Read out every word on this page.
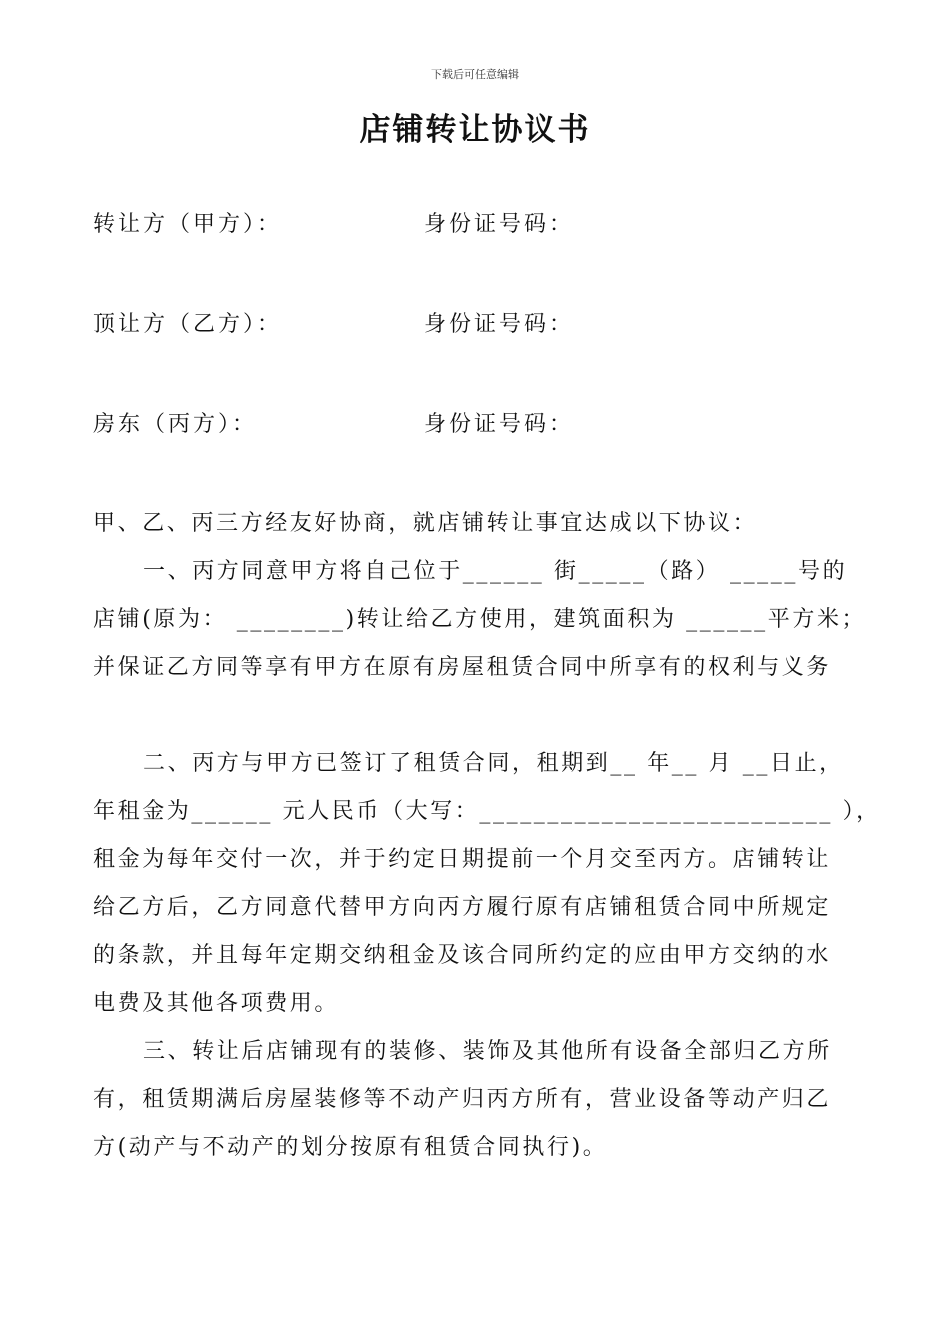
下载后可任意编辑
店铺转让协议书
转让方（甲方）：	身份证号码：
顶让方（乙方）：	身份证号码：
房东（丙方）：	身份证号码：

甲、乙、丙三方经友好协商，就店铺转让事宜达成以下协议：

一、丙方同意甲方将自己位于______ 街_____（路） _____号的

店铺(原为： ________)转让给乙方使用，建筑面积为 ______平方米；

并保证乙方同等享有甲方在原有房屋租赁合同中所享有的权利与义务

二、丙方与甲方已签订了租赁合同，租期到__ 年__ 月 __日止，

年租金为______ 元人民币（大写：__________________________ ），

租金为每年交付一次，并于约定日期提前一个月交至丙方。店铺转让

给乙方后，乙方同意代替甲方向丙方履行原有店铺租赁合同中所规定

的条款，并且每年定期交纳租金及该合同所约定的应由甲方交纳的水

电费及其他各项费用。

三、转让后店铺现有的装修、装饰及其他所有设备全部归乙方所

有，租赁期满后房屋装修等不动产归丙方所有，营业设备等动产归乙

方(动产与不动产的划分按原有租赁合同执行)。
